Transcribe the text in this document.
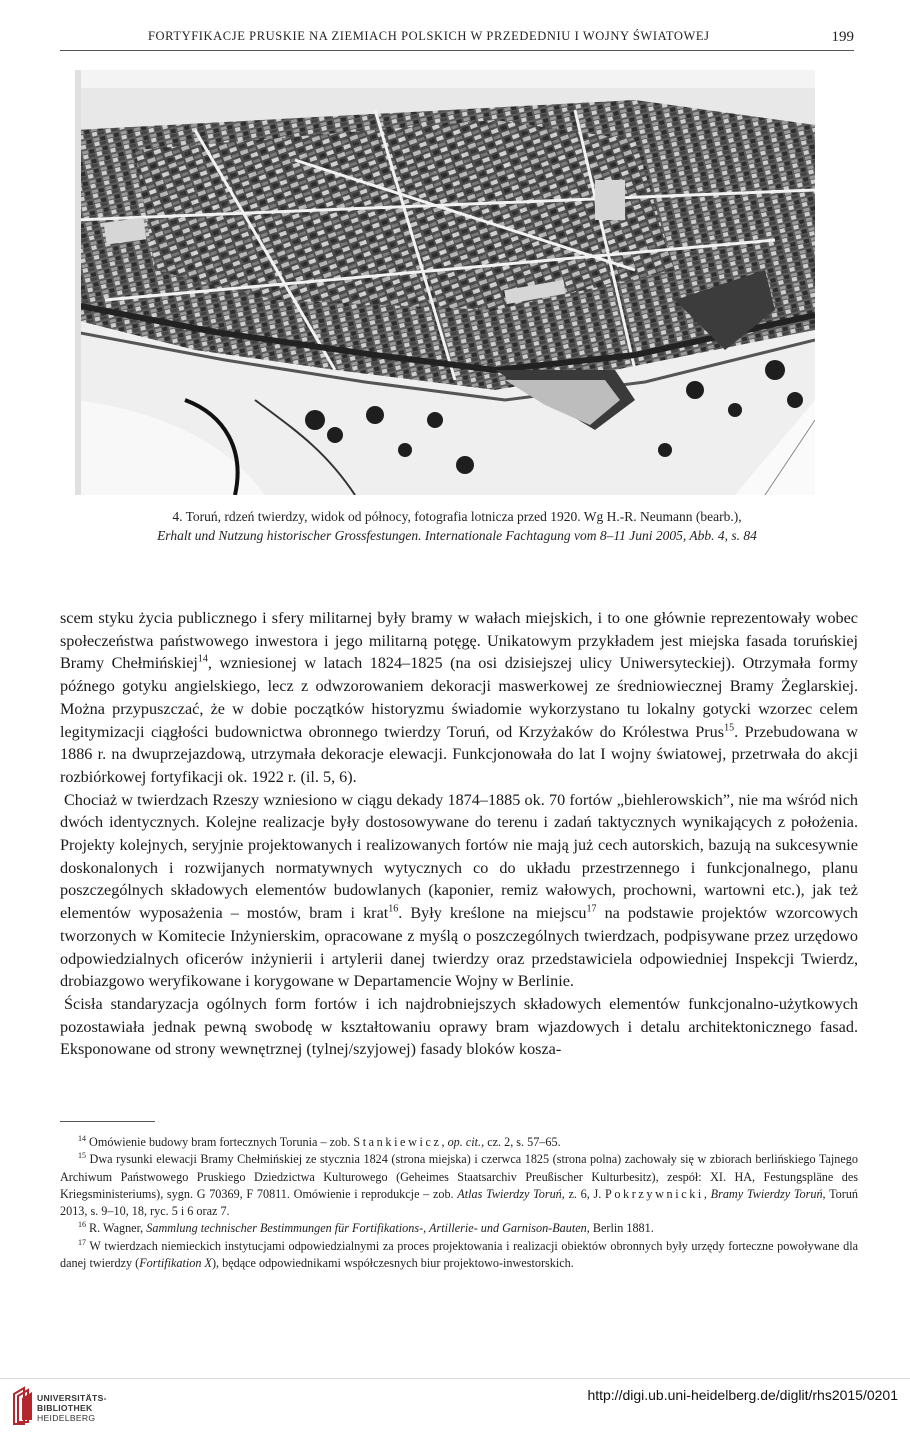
FORTYFIKACJE PRUSKIE NA ZIEMIACH POLSKICH W PRZEDEDNIU I WOJNY ŚWIATOWEJ	199

4. Toruń, rdzeń twierdzy, widok od północy, fotografia lotnicza przed 1920. Wg H.-R. Neumann (bearb.),

Erhalt und Nutzung historischer Grossfestungen. Internationale Fachtagung vom 8–11 Juni 2005, Abb. 4, s. 84

scem styku życia publicznego i sfery militarnej były bramy w wałach miejskich, i to one głównie reprezentowały wobec społeczeństwa państwowego inwestora i jego militarną potęgę. Unikatowym przykładem jest miejska fasada toruńskiej Bramy Chełmińskiej$^{14}$, wzniesionej w latach 1824–1825 (na osi dzisiejszej ulicy Uniwersyteckiej). Otrzymała formy późnego gotyku angielskiego, lecz z odwzorowaniem dekoracji maswerkowej ze średniowiecznej Bramy Żeglarskiej. Można przypuszczać, że w dobie początków historyzmu świadomie wykorzystano tu lokalny gotycki wzorzec celem legitymizacji ciągłości budownictwa obronnego twierdzy Toruń, od Krzyżaków do Królestwa Prus$^{15}$. Przebudowana w 1886 r. na dwuprzejazdową, utrzymała dekoracje elewacji. Funkcjonowała do lat I wojny światowej, przetrwała do akcji rozbiórkowej fortyfikacji ok. 1922 r. (il. 5, 6).

Chociaż w twierdzach Rzeszy wzniesiono w ciągu dekady 1874–1885 ok. 70 fortów „biehlerowskich”, nie ma wśród nich dwóch identycznych. Kolejne realizacje były dostosowywane do terenu i zadań taktycznych wynikających z położenia. Projekty kolejnych, seryjnie projektowanych i realizowanych fortów nie mają już cech autorskich, bazują na sukcesywnie doskonalonych i rozwijanych normatywnych wytycznych co do układu przestrzennego i funkcjonalnego, planu poszczególnych składowych elementów budowlanych (kaponier, remiz wałowych, prochowni, wartowni etc.), jak też elementów wyposażenia – mostów, bram i krat$^{16}$. Były kreślone na miejscu$^{17}$ na podstawie projektów wzorcowych tworzonych w Komitecie Inżynierskim, opracowane z myślą o poszczególnych twierdzach, podpisywane przez urzędowo odpowiedzialnych oficerów inżynierii i artylerii danej twierdzy oraz przedstawiciela odpowiedniej Inspekcji Twierdz, drobiazgowo weryfikowane i korygowane w Departamencie Wojny w Berlinie.

Ścisła standaryzacja ogólnych form fortów i ich najdrobniejszych składowych elementów funkcjonalno-użytkowych pozostawiała jednak pewną swobodę w kształtowaniu oprawy bram wjazdowych i detalu architektonicznego fasad. Eksponowane od strony wewnętrznej (tylnej/szyjowej) fasady bloków kosza-

$^{14}$ Omówienie budowy bram fortecznych Torunia – zob. Stankiewicz, op. cit., cz. 2, s. 57–65.

$^{15}$ Dwa rysunki elewacji Bramy Chełmińskiej ze stycznia 1824 (strona miejska) i czerwca 1825 (strona polna) zachowały się w zbiorach berlińskiego Tajnego Archiwum Państwowego Pruskiego Dziedzictwa Kulturowego (Geheimes Staatsarchiv Preußischer Kulturbesitz), zespół: XI. HA, Festungspläne des Kriegsministeriums), sygn. G 70369, F 70811. Omówienie i reprodukcje – zob. Atlas Twierdzy Toruń, z. 6, J. Pokrzywnicki, Bramy Twierdzy Toruń, Toruń 2013, s. 9–10, 18, ryc. 5 i 6 oraz 7.

$^{16}$ R. Wagner, Sammlung technischer Bestimmungen für Fortifikations-, Artillerie- und Garnison-Bauten, Berlin 1881.

$^{17}$ W twierdzach niemieckich instytucjami odpowiedzialnymi za proces projektowania i realizacji obiektów obronnych były urzędy forteczne powoływane dla danej twierdzy (Fortifikation X), będące odpowiednikami współczesnych biur projektowo-inwestorskich.

UNIVERSITÄTS-
BIBLIOTHEK
HEIDELBERG
http://digi.ub.uni-heidelberg.de/diglit/rhs2015/0201
